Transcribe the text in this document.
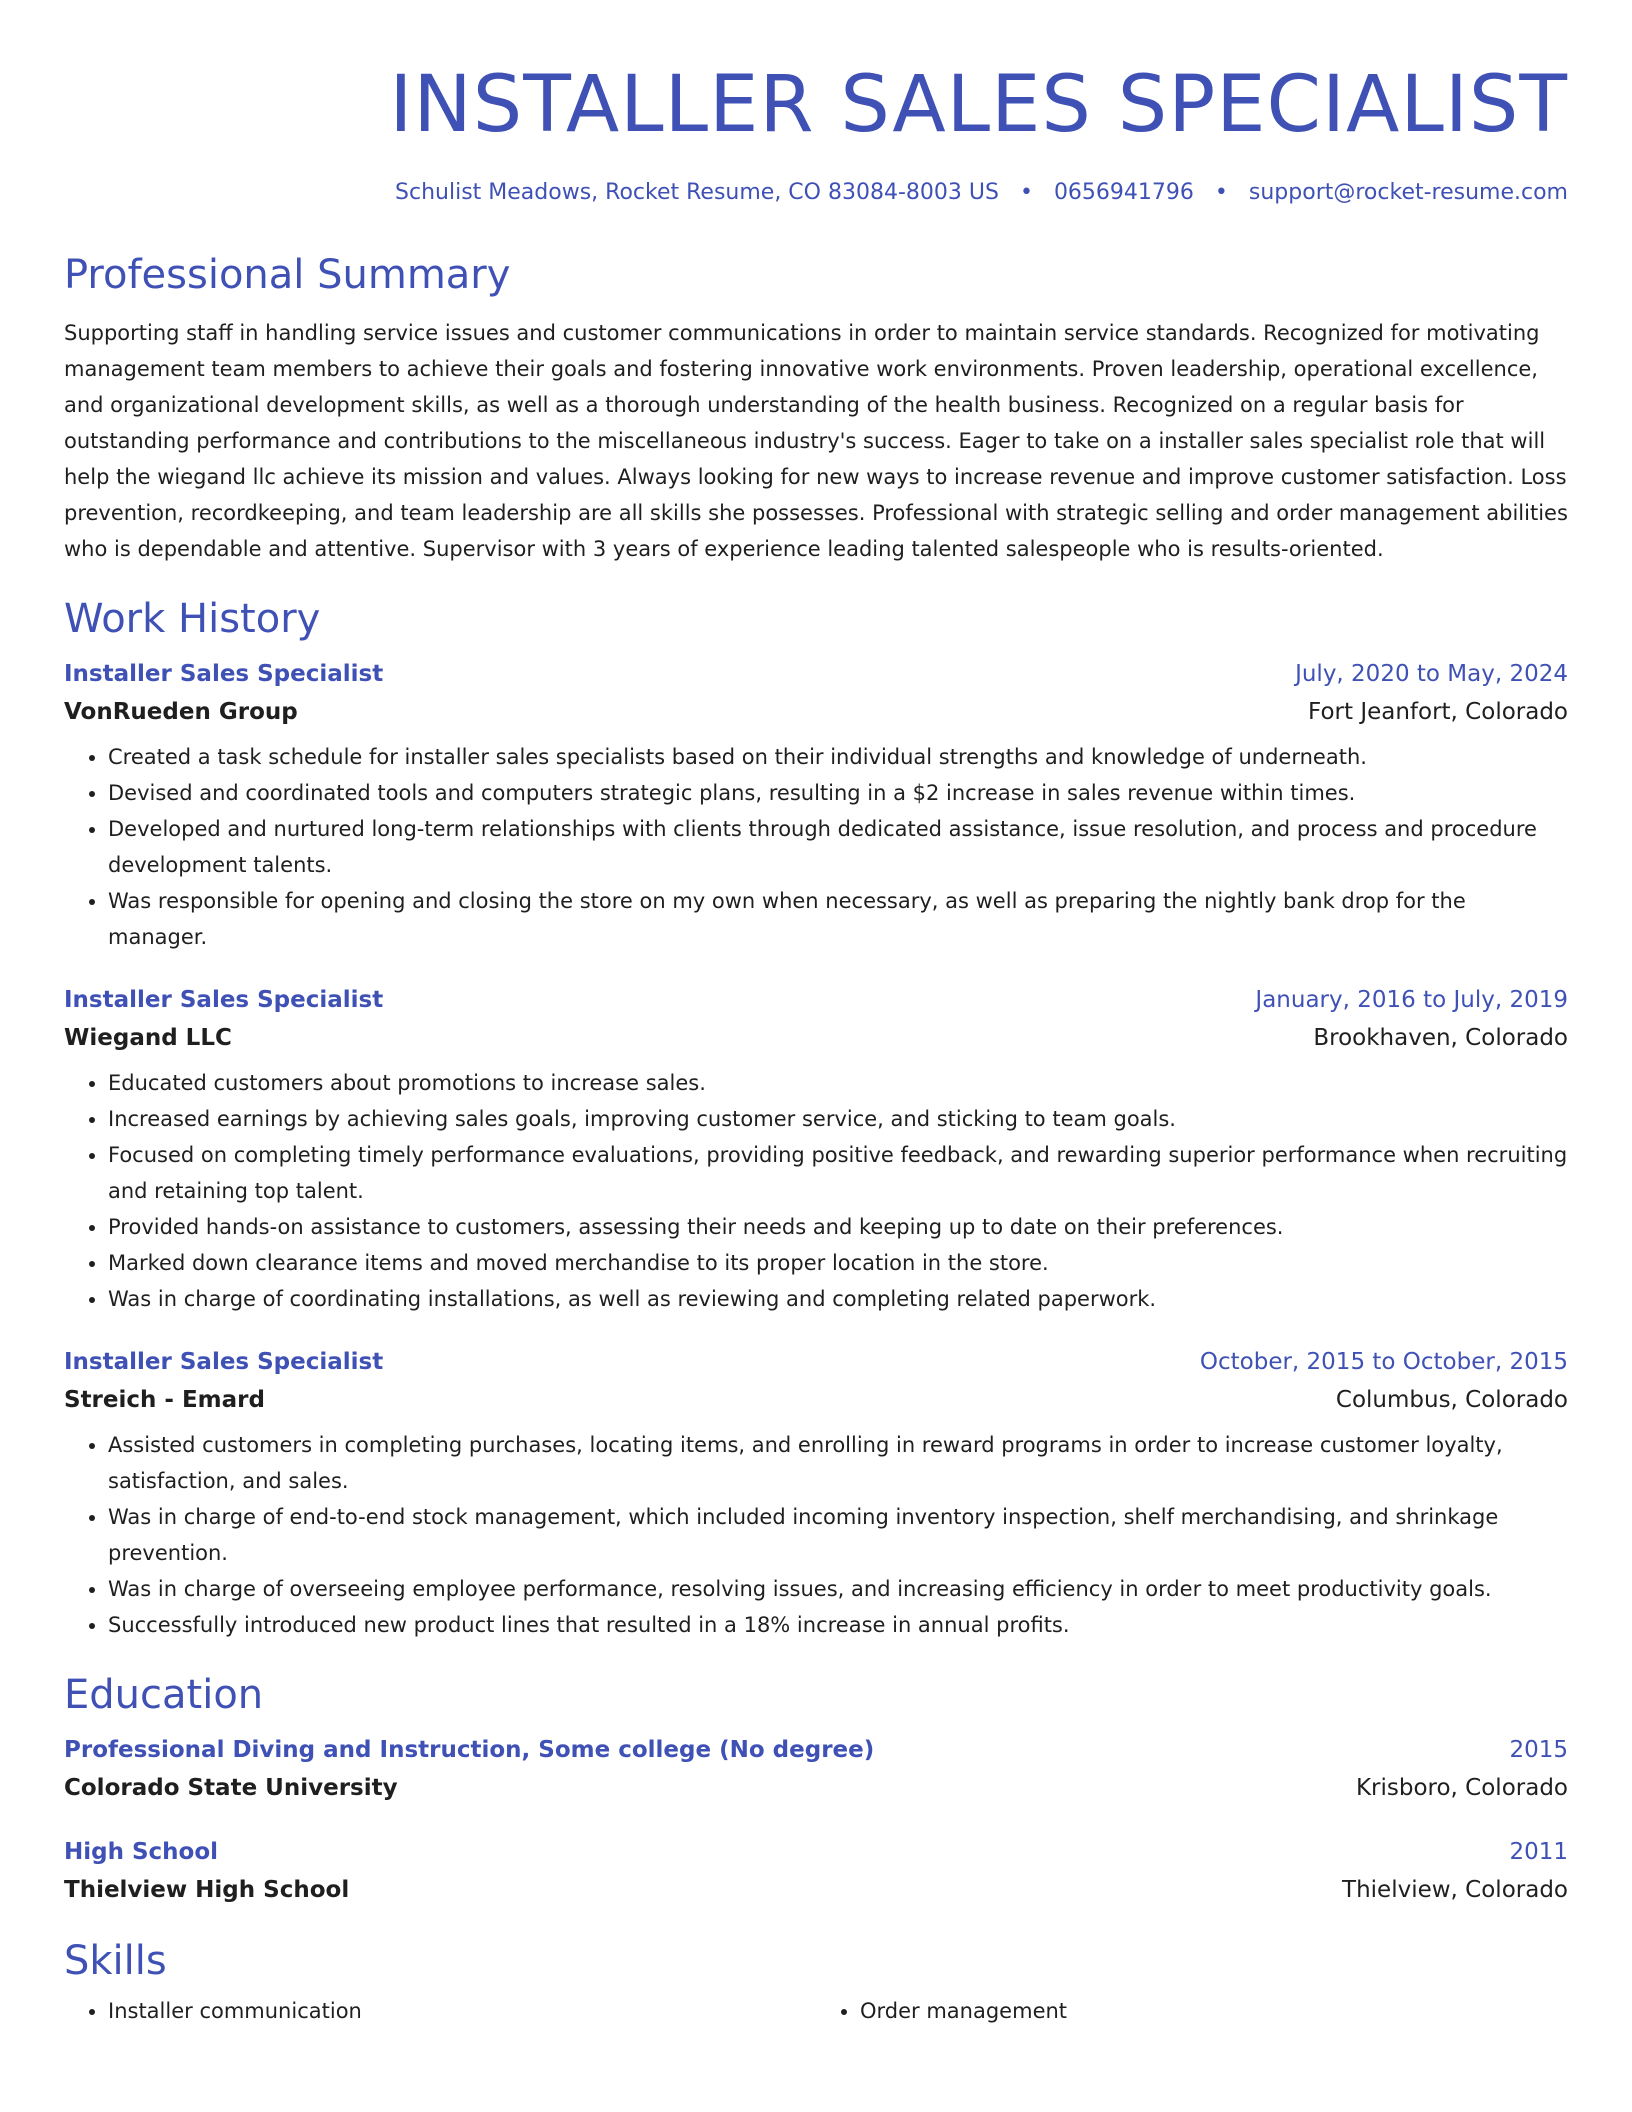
INSTALLER SALES SPECIALIST
Schulist Meadows, Rocket Resume, CO 83084-8003 US • 0656941796 • support@rocket-resume.com
Professional Summary
Supporting staff in handling service issues and customer communications in order to maintain service standards. Recognized for motivating management team members to achieve their goals and fostering innovative work environments. Proven leadership, operational excellence, and organizational development skills, as well as a thorough understanding of the health business. Recognized on a regular basis for outstanding performance and contributions to the miscellaneous industry's success. Eager to take on a installer sales specialist role that will help the wiegand llc achieve its mission and values. Always looking for new ways to increase revenue and improve customer satisfaction. Loss prevention, recordkeeping, and team leadership are all skills she possesses. Professional with strategic selling and order management abilities who is dependable and attentive. Supervisor with 3 years of experience leading talented salespeople who is results-oriented.
Work History
Installer Sales Specialist	July, 2020 to May, 2024
VonRueden Group	Fort Jeanfort, Colorado
• Created a task schedule for installer sales specialists based on their individual strengths and knowledge of underneath.
• Devised and coordinated tools and computers strategic plans, resulting in a $2 increase in sales revenue within times.
• Developed and nurtured long-term relationships with clients through dedicated assistance, issue resolution, and process and procedure development talents.
• Was responsible for opening and closing the store on my own when necessary, as well as preparing the nightly bank drop for the manager.
Installer Sales Specialist	January, 2016 to July, 2019
Wiegand LLC	Brookhaven, Colorado
• Educated customers about promotions to increase sales.
• Increased earnings by achieving sales goals, improving customer service, and sticking to team goals.
• Focused on completing timely performance evaluations, providing positive feedback, and rewarding superior performance when recruiting and retaining top talent.
• Provided hands-on assistance to customers, assessing their needs and keeping up to date on their preferences.
• Marked down clearance items and moved merchandise to its proper location in the store.
• Was in charge of coordinating installations, as well as reviewing and completing related paperwork.
Installer Sales Specialist	October, 2015 to October, 2015
Streich - Emard	Columbus, Colorado
• Assisted customers in completing purchases, locating items, and enrolling in reward programs in order to increase customer loyalty, satisfaction, and sales.
• Was in charge of end-to-end stock management, which included incoming inventory inspection, shelf merchandising, and shrinkage prevention.
• Was in charge of overseeing employee performance, resolving issues, and increasing efficiency in order to meet productivity goals.
• Successfully introduced new product lines that resulted in a 18% increase in annual profits.
Education
Professional Diving and Instruction, Some college (No degree)	2015
Colorado State University	Krisboro, Colorado
High School	2011
Thielview High School	Thielview, Colorado
Skills
• Installer communication
•	Order management
